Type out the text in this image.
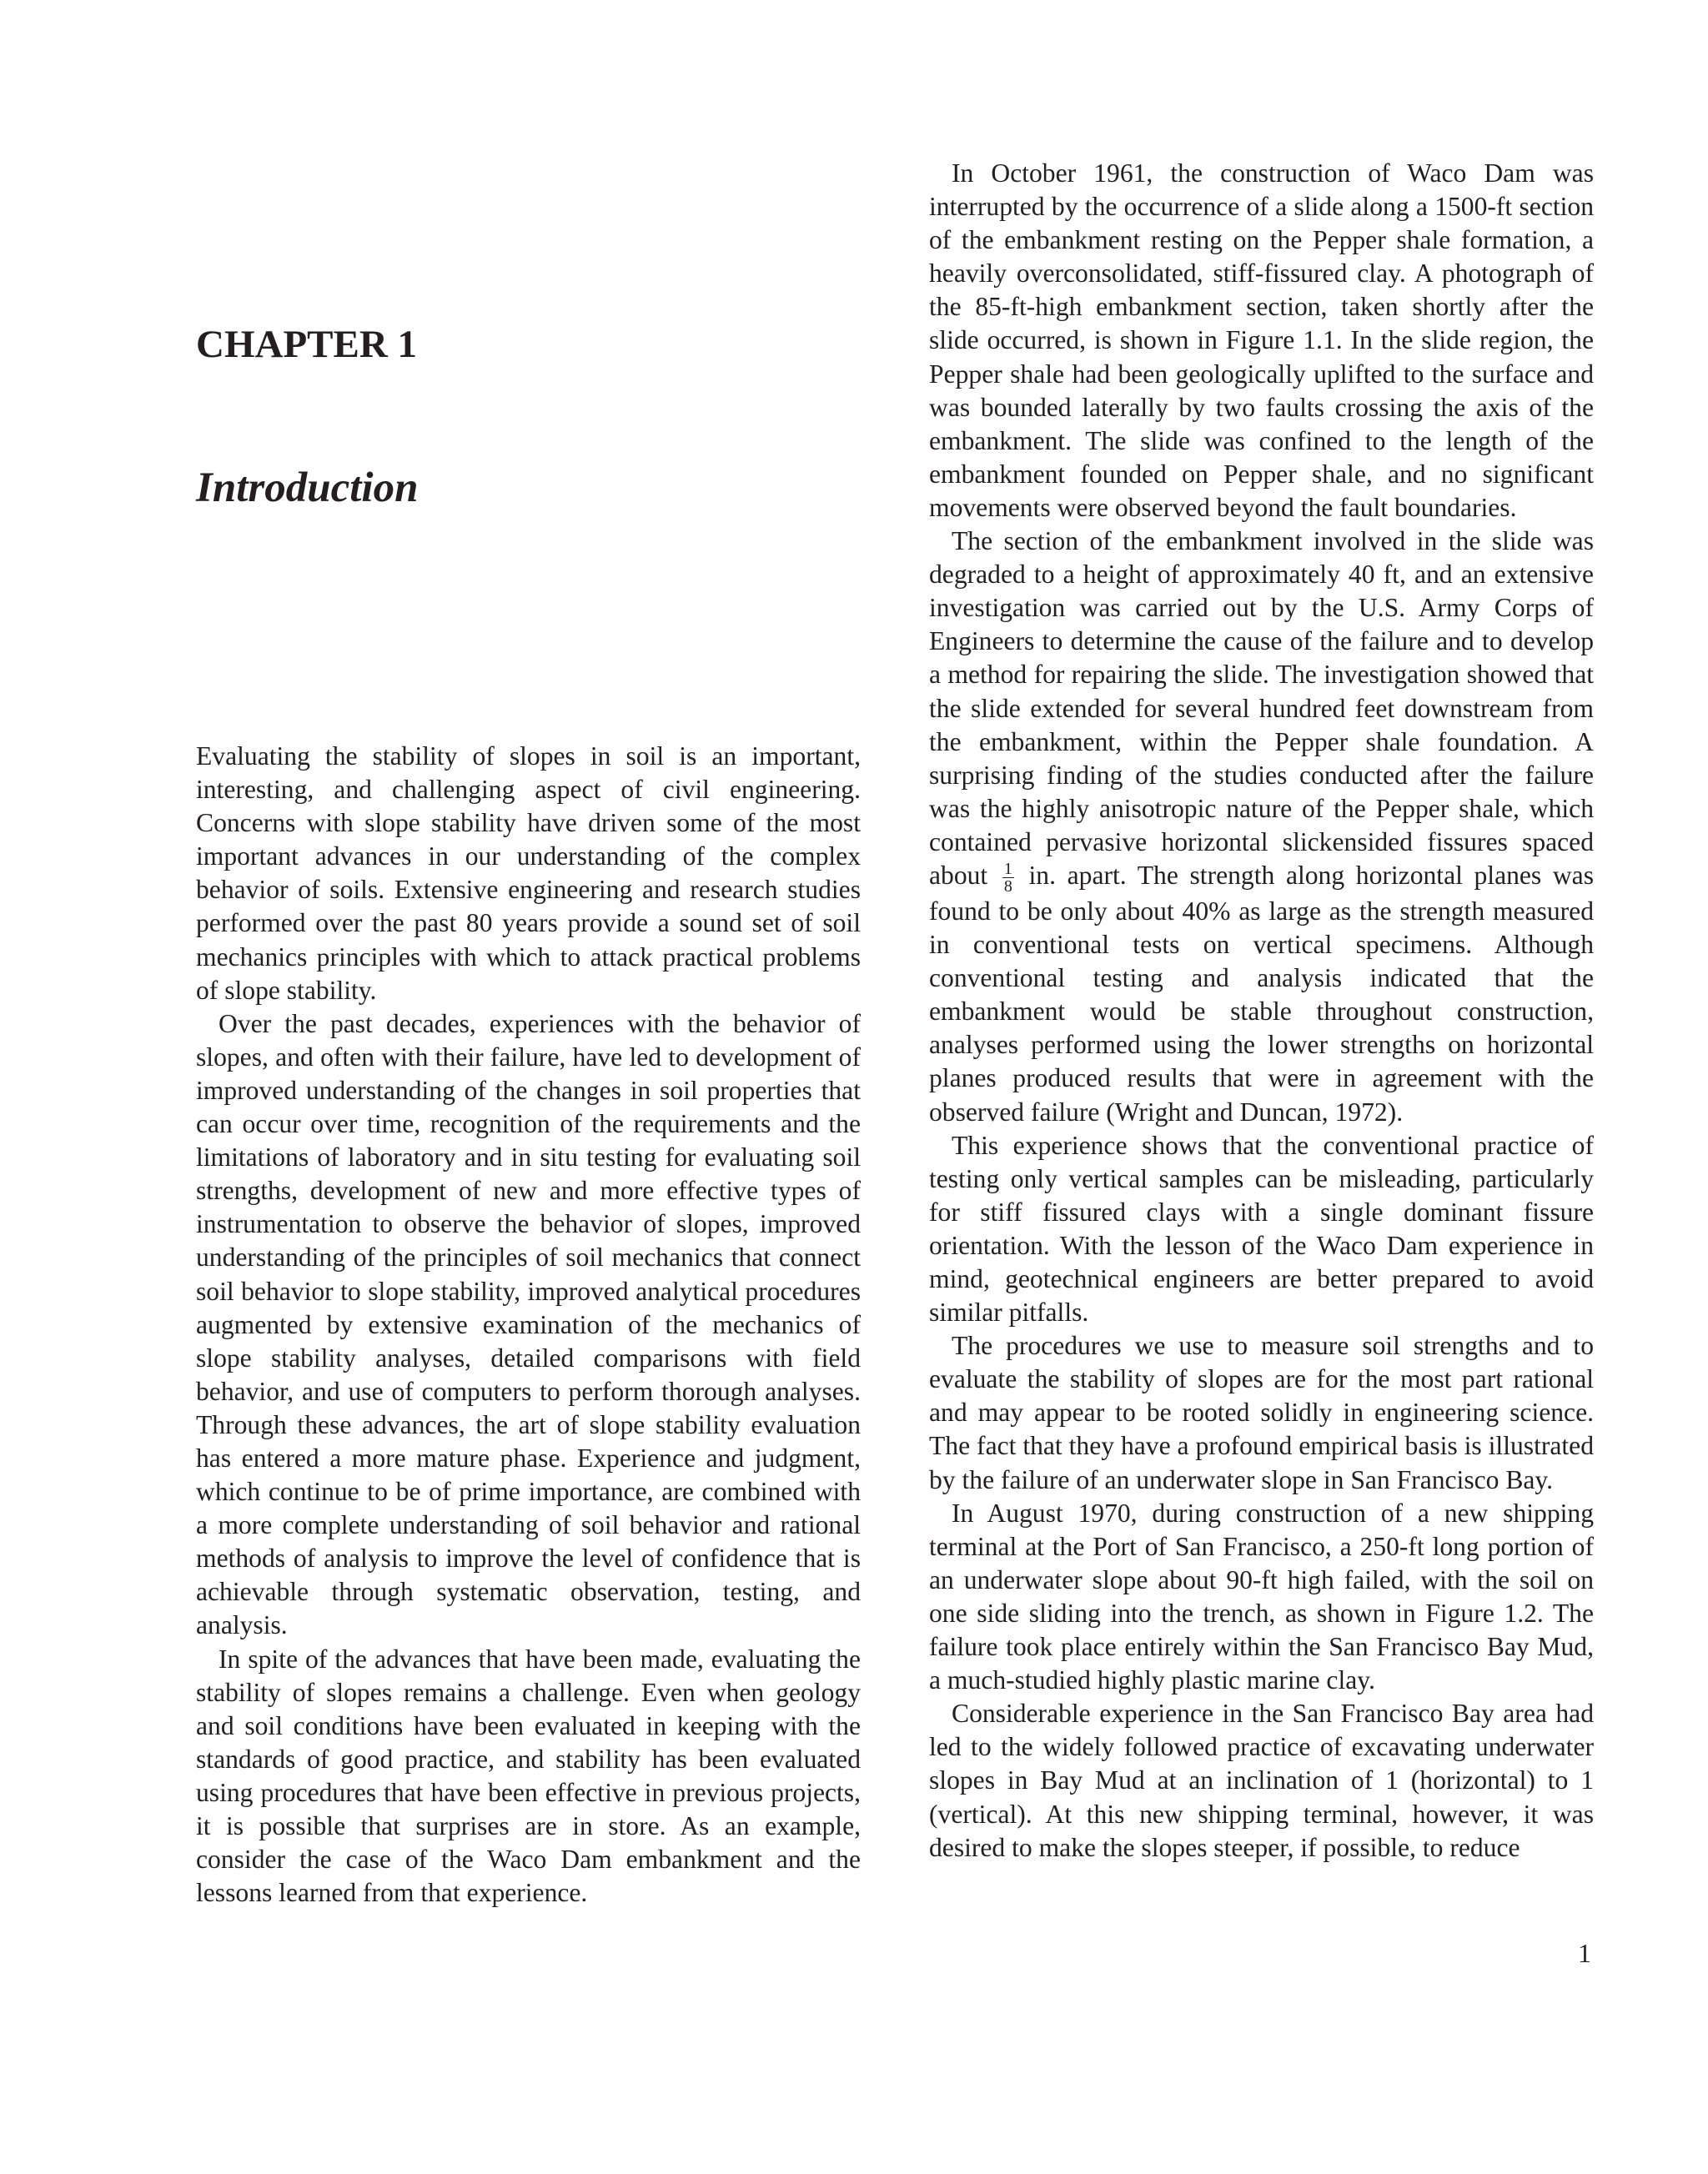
CHAPTER 1
Introduction

Evaluating the stability of slopes in soil is an important, interesting, and challenging aspect of civil engineering. Concerns with slope stability have driven some of the most important advances in our understanding of the complex behavior of soils. Extensive engineering and research studies performed over the past 80 years provide a sound set of soil mechanics principles with which to attack practical problems of slope stability.

Over the past decades, experiences with the behavior of slopes, and often with their failure, have led to development of improved understanding of the changes in soil properties that can occur over time, recognition of the requirements and the limitations of laboratory and in situ testing for evaluating soil strengths, development of new and more effective types of instrumentation to observe the behavior of slopes, improved understanding of the principles of soil mechanics that connect soil behavior to slope stability, improved analytical procedures augmented by extensive examination of the mechanics of slope stability analyses, detailed comparisons with field behavior, and use of computers to perform thorough analyses. Through these advances, the art of slope stability evaluation has entered a more mature phase. Experience and judgment, which continue to be of prime importance, are combined with a more complete understanding of soil behavior and rational methods of analysis to improve the level of confidence that is achievable through systematic observation, testing, and analysis.

In spite of the advances that have been made, evaluating the stability of slopes remains a challenge. Even when geology and soil conditions have been evaluated in keeping with the standards of good practice, and stability has been evaluated using procedures that have been effective in previous projects, it is possible that surprises are in store. As an example, consider the case of the Waco Dam embankment and the lessons learned from that experience.

In October 1961, the construction of Waco Dam was interrupted by the occurrence of a slide along a 1500-ft section of the embankment resting on the Pepper shale formation, a heavily overconsolidated, stiff-fissured clay. A photograph of the 85-ft-high embankment section, taken shortly after the slide occurred, is shown in Figure 1.1. In the slide region, the Pepper shale had been geologically uplifted to the surface and was bounded laterally by two faults crossing the axis of the embankment. The slide was confined to the length of the embankment founded on Pepper shale, and no significant movements were observed beyond the fault boundaries.

The section of the embankment involved in the slide was degraded to a height of approximately 40 ft, and an extensive investigation was carried out by the U.S. Army Corps of Engineers to determine the cause of the failure and to develop a method for repairing the slide. The investigation showed that the slide extended for several hundred feet downstream from the embankment, within the Pepper shale foundation. A surprising finding of the studies conducted after the failure was the highly anisotropic nature of the Pepper shale, which contained pervasive horizontal slickensided fissures spaced about $\frac{1}{8}$ in. apart. The strength along horizontal planes was found to be only about 40% as large as the strength measured in conventional tests on vertical specimens. Although conventional testing and analysis indicated that the embankment would be stable throughout construction, analyses performed using the lower strengths on horizontal planes produced results that were in agreement with the observed failure (Wright and Duncan, 1972).

This experience shows that the conventional practice of testing only vertical samples can be misleading, particularly for stiff fissured clays with a single dominant fissure orientation. With the lesson of the Waco Dam experience in mind, geotechnical engineers are better prepared to avoid similar pitfalls.

The procedures we use to measure soil strengths and to evaluate the stability of slopes are for the most part rational and may appear to be rooted solidly in engineering science. The fact that they have a profound empirical basis is illustrated by the failure of an underwater slope in San Francisco Bay.

In August 1970, during construction of a new shipping terminal at the Port of San Francisco, a 250-ft long portion of an underwater slope about 90-ft high failed, with the soil on one side sliding into the trench, as shown in Figure 1.2. The failure took place entirely within the San Francisco Bay Mud, a much-studied highly plastic marine clay.

Considerable experience in the San Francisco Bay area had led to the widely followed practice of excavating underwater slopes in Bay Mud at an inclination of 1 (horizontal) to 1 (vertical). At this new shipping terminal, however, it was desired to make the slopes steeper, if possible, to reduce

1
